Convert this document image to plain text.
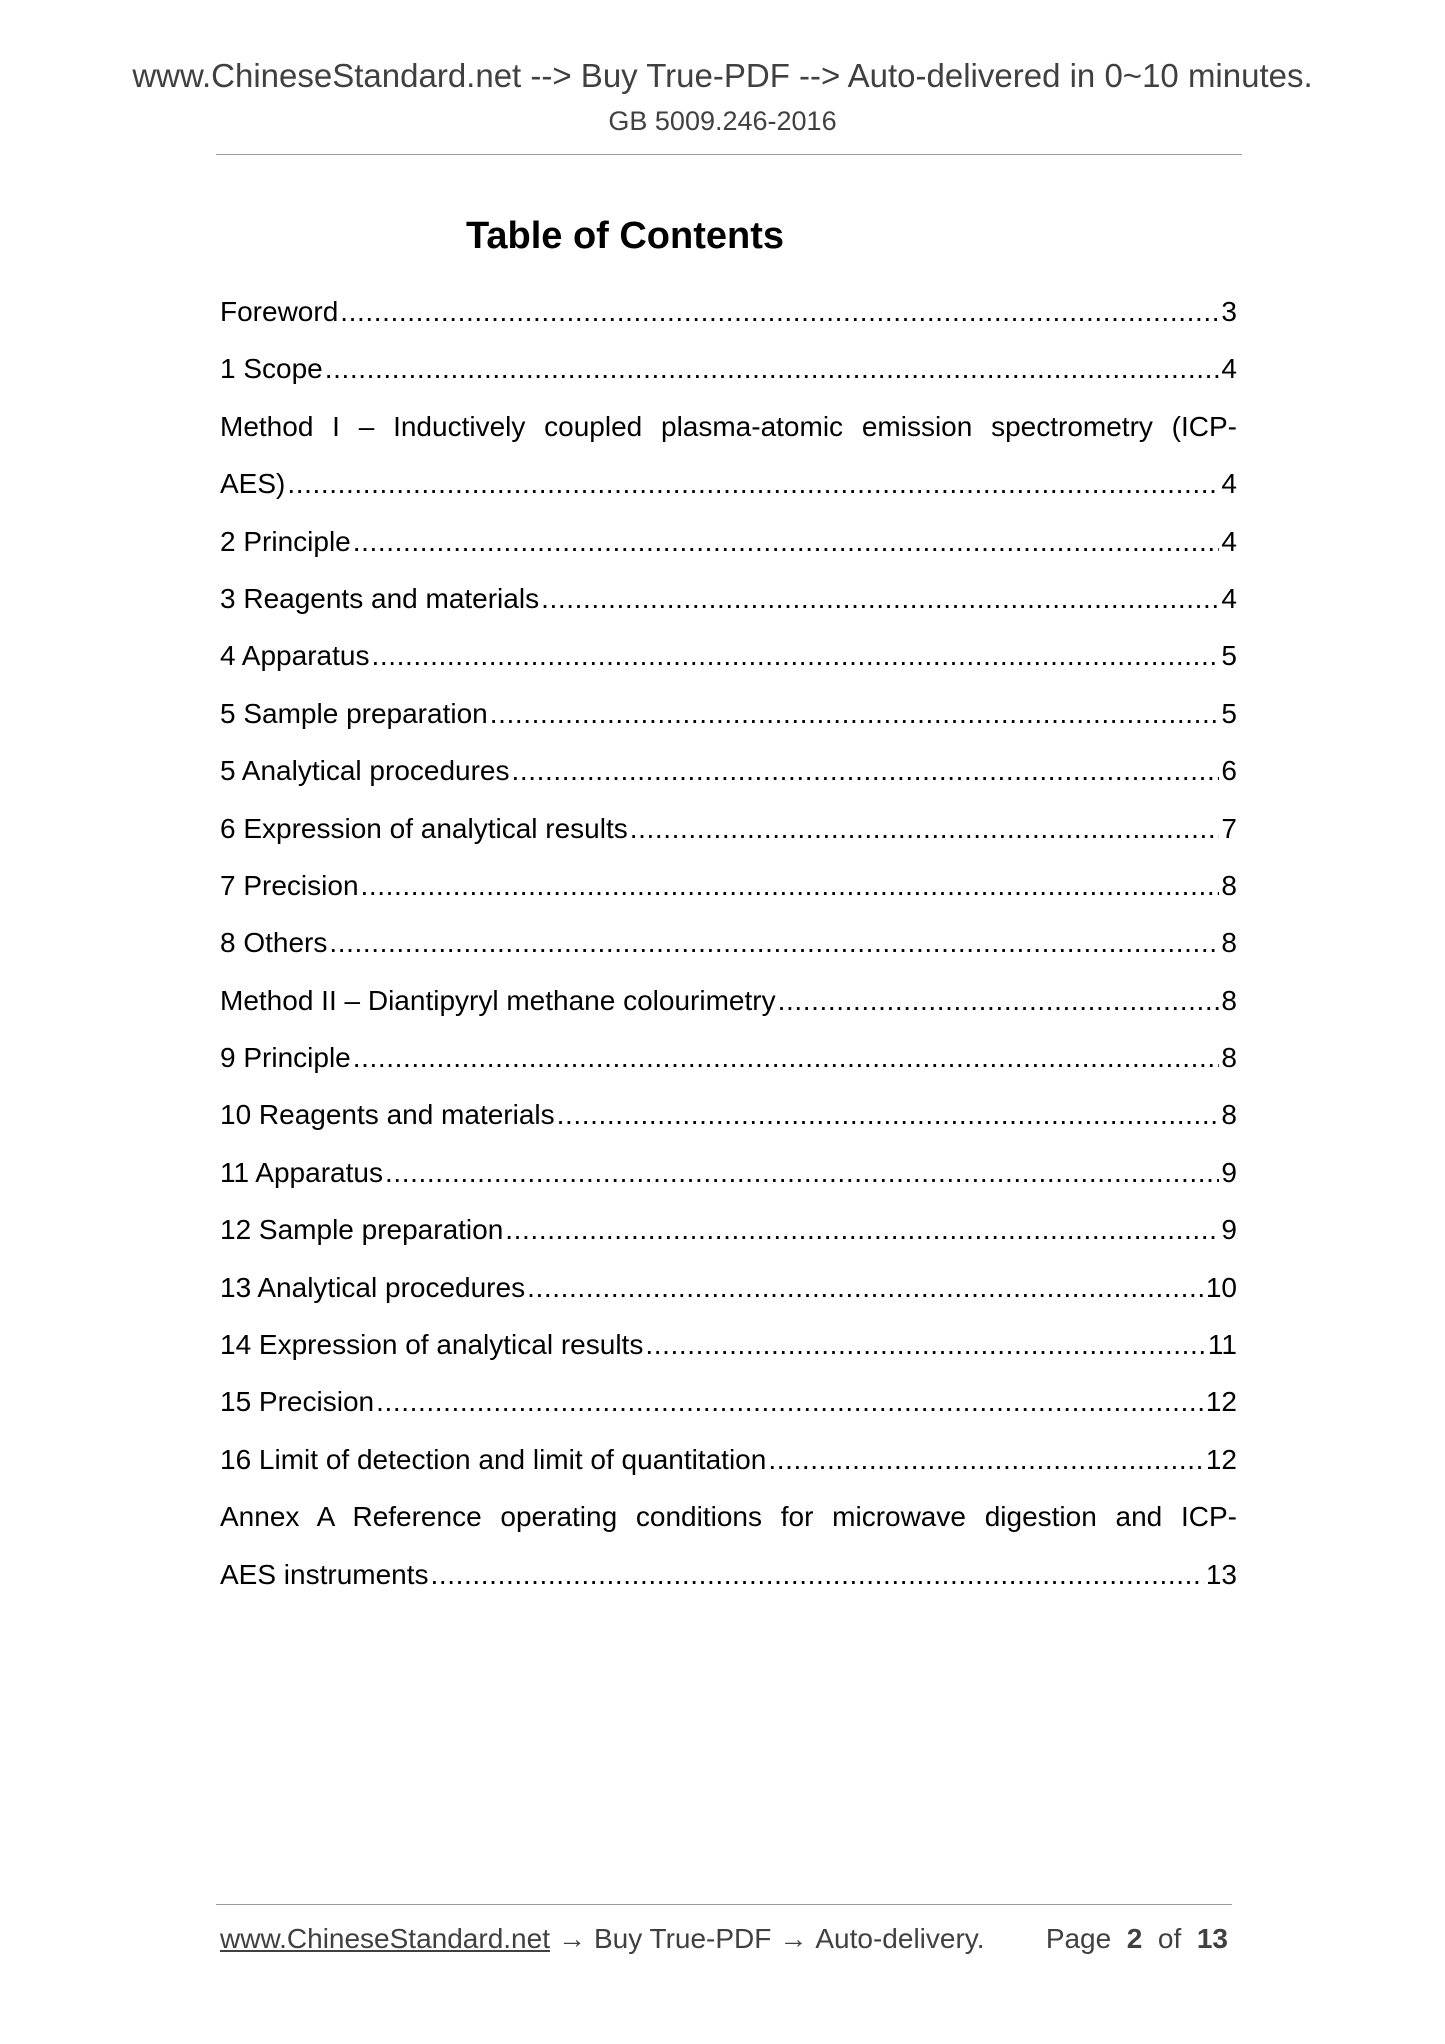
www.ChineseStandard.net --> Buy True-PDF --> Auto-delivered in 0~10 minutes.
GB 5009.246-2016
Table of Contents
Foreword .....	3
1 Scope .....	4
Method I – Inductively coupled plasma-atomic emission spectrometry (ICP-
AES) .....	4
2 Principle .....	4
3 Reagents and materials .....	4
4 Apparatus .....	5
5 Sample preparation .....	5
5 Analytical procedures .....	6
6 Expression of analytical results .....	7
7 Precision .....	8
8 Others .....	8
Method II – Diantipyryl methane colourimetry .....	8
9 Principle .....	8
10 Reagents and materials .....	8
11 Apparatus .....	9
12 Sample preparation .....	9
13 Analytical procedures .....	10
14 Expression of analytical results .....	11
15 Precision .....	12
16 Limit of detection and limit of quantitation .....	12
Annex A Reference operating conditions for microwave digestion and ICP-
AES instruments .....	13
www.ChineseStandard.net → Buy True-PDF → Auto-delivery. Page 2 of 13
